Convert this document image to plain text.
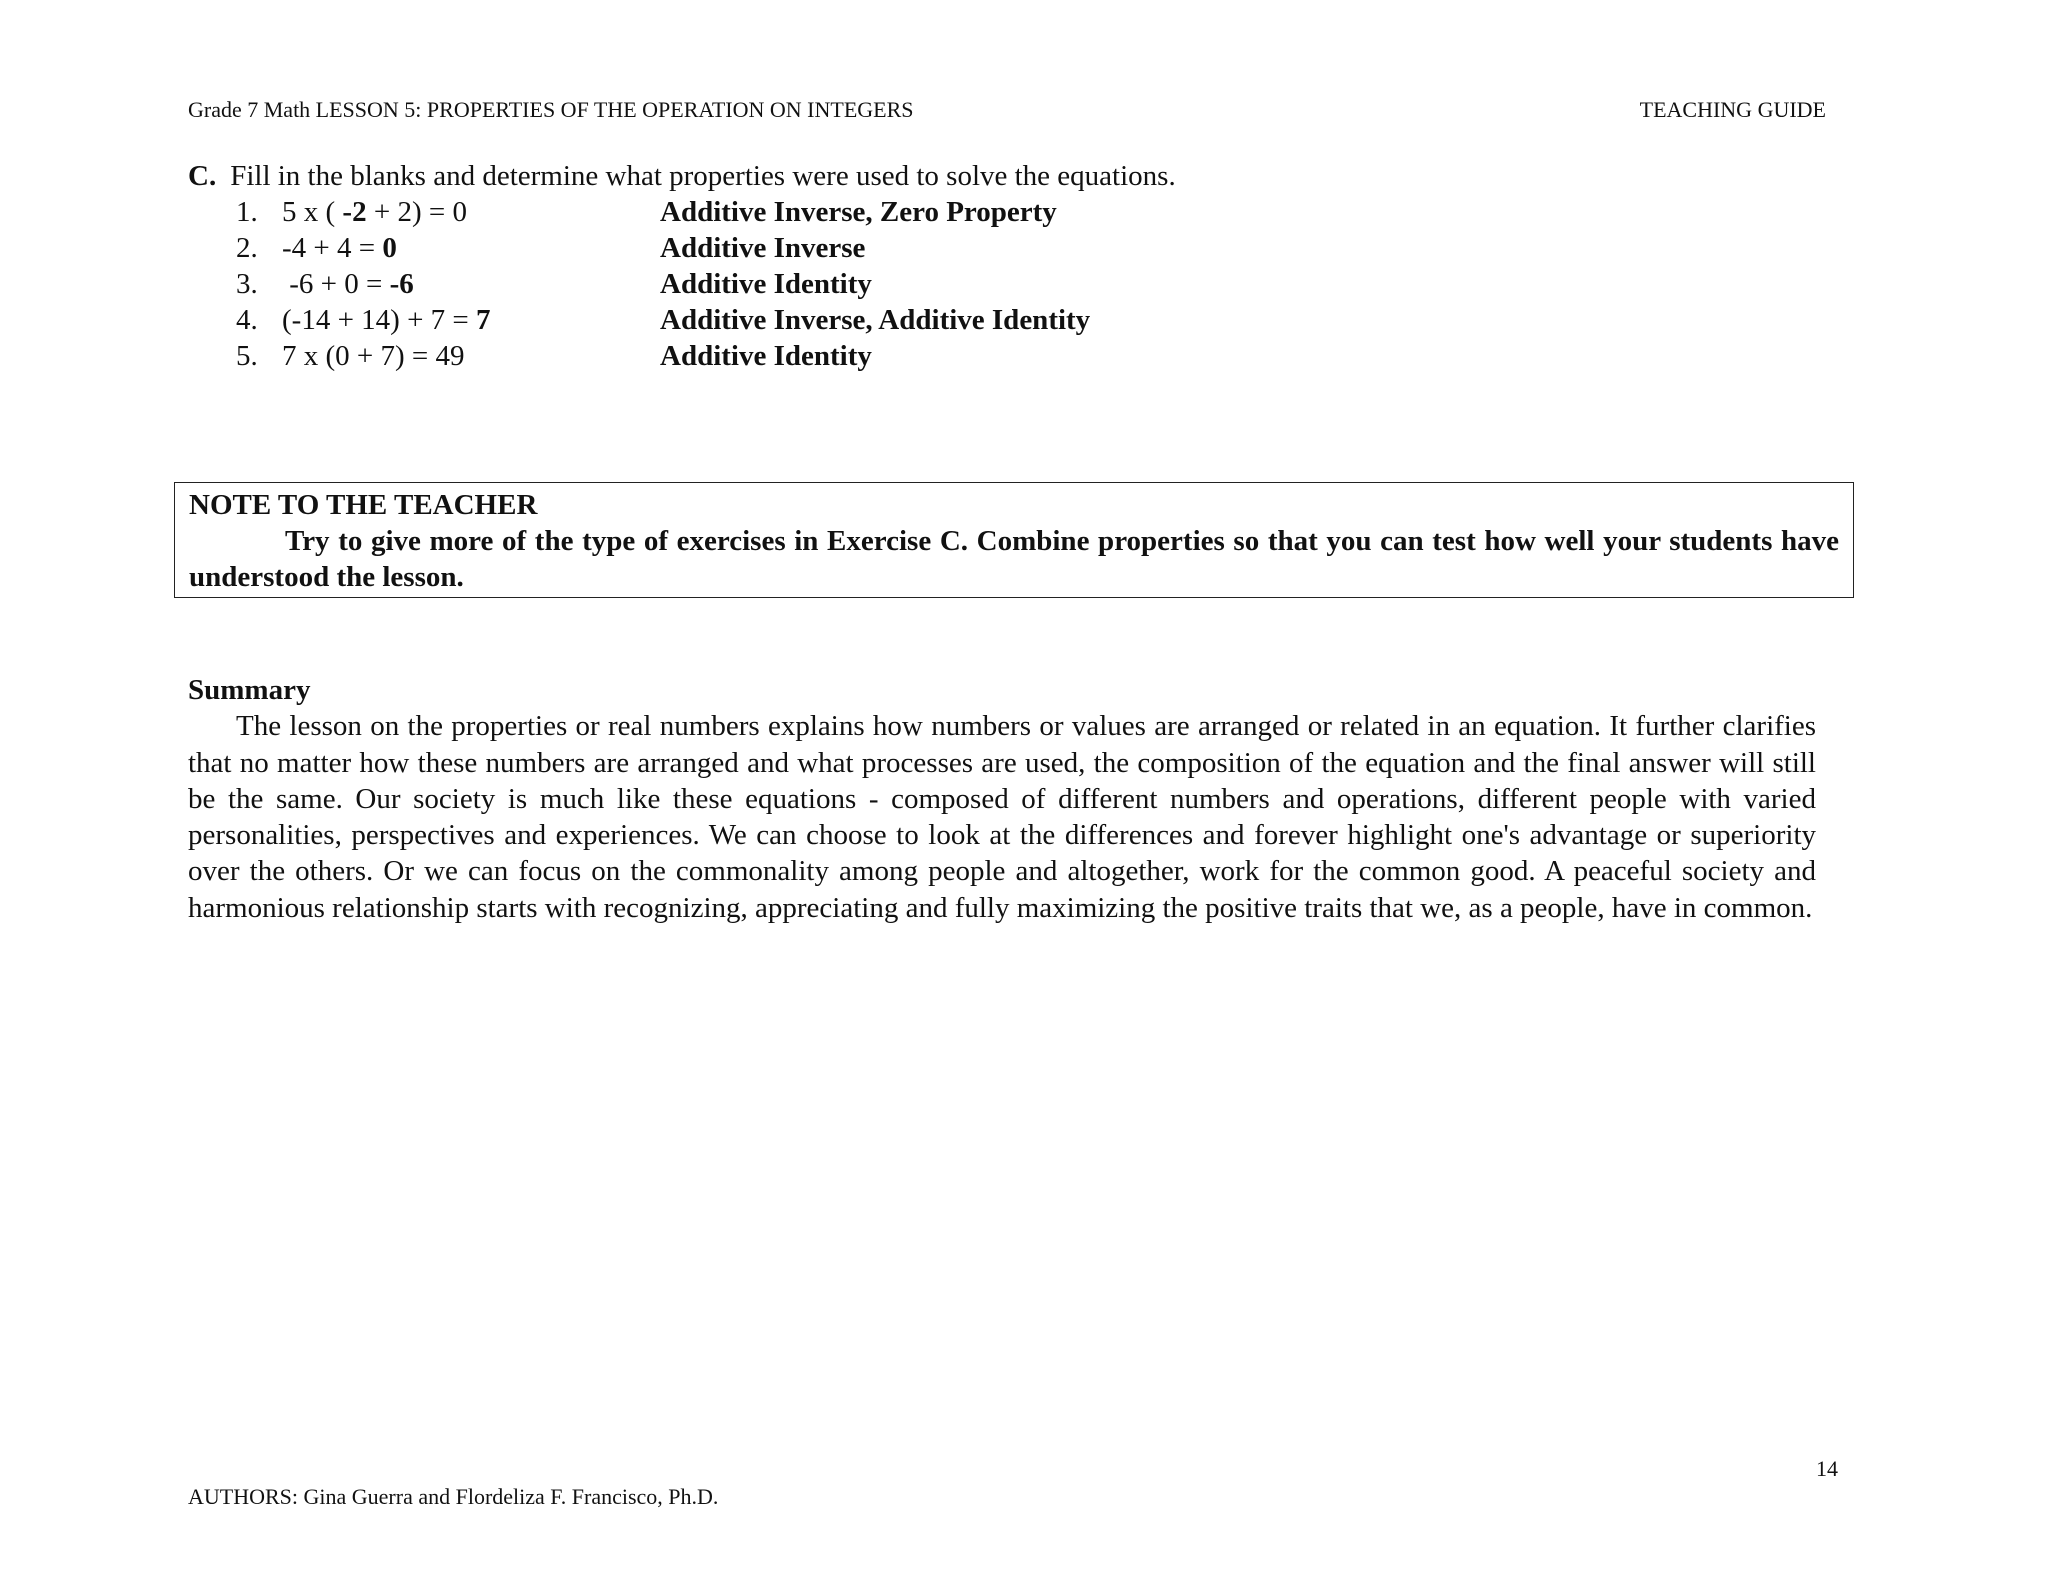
Grade 7 Math LESSON 5: PROPERTIES OF THE OPERATION ON INTEGERS	TEACHING GUIDE
C. Fill in the blanks and determine what properties were used to solve the equations.
1. 5 x ( -2 + 2) = 0	Additive Inverse, Zero Property
2. -4 + 4 = 0	Additive Inverse
3. -6 + 0 = -6	Additive Identity
4. (-14 + 14) + 7 = 7	Additive Inverse, Additive Identity
5. 7 x (0 + 7) = 49	Additive Identity
NOTE TO THE TEACHER
Try to give more of the type of exercises in Exercise C. Combine properties so that you can test how well your students have understood the lesson.
Summary

The lesson on the properties or real numbers explains how numbers or values are arranged or related in an equation. It further clarifies that no matter how these numbers are arranged and what processes are used, the composition of the equation and the final answer will still be the same. Our society is much like these equations - composed of different numbers and operations, different people with varied personalities, perspectives and experiences. We can choose to look at the differences and forever highlight one's advantage or superiority over the others. Or we can focus on the commonality among people and altogether, work for the common good. A peaceful society and harmonious relationship starts with recognizing, appreciating and fully maximizing the positive traits that we, as a people, have in common.

14
AUTHORS: Gina Guerra and Flordeliza F. Francisco, Ph.D.
